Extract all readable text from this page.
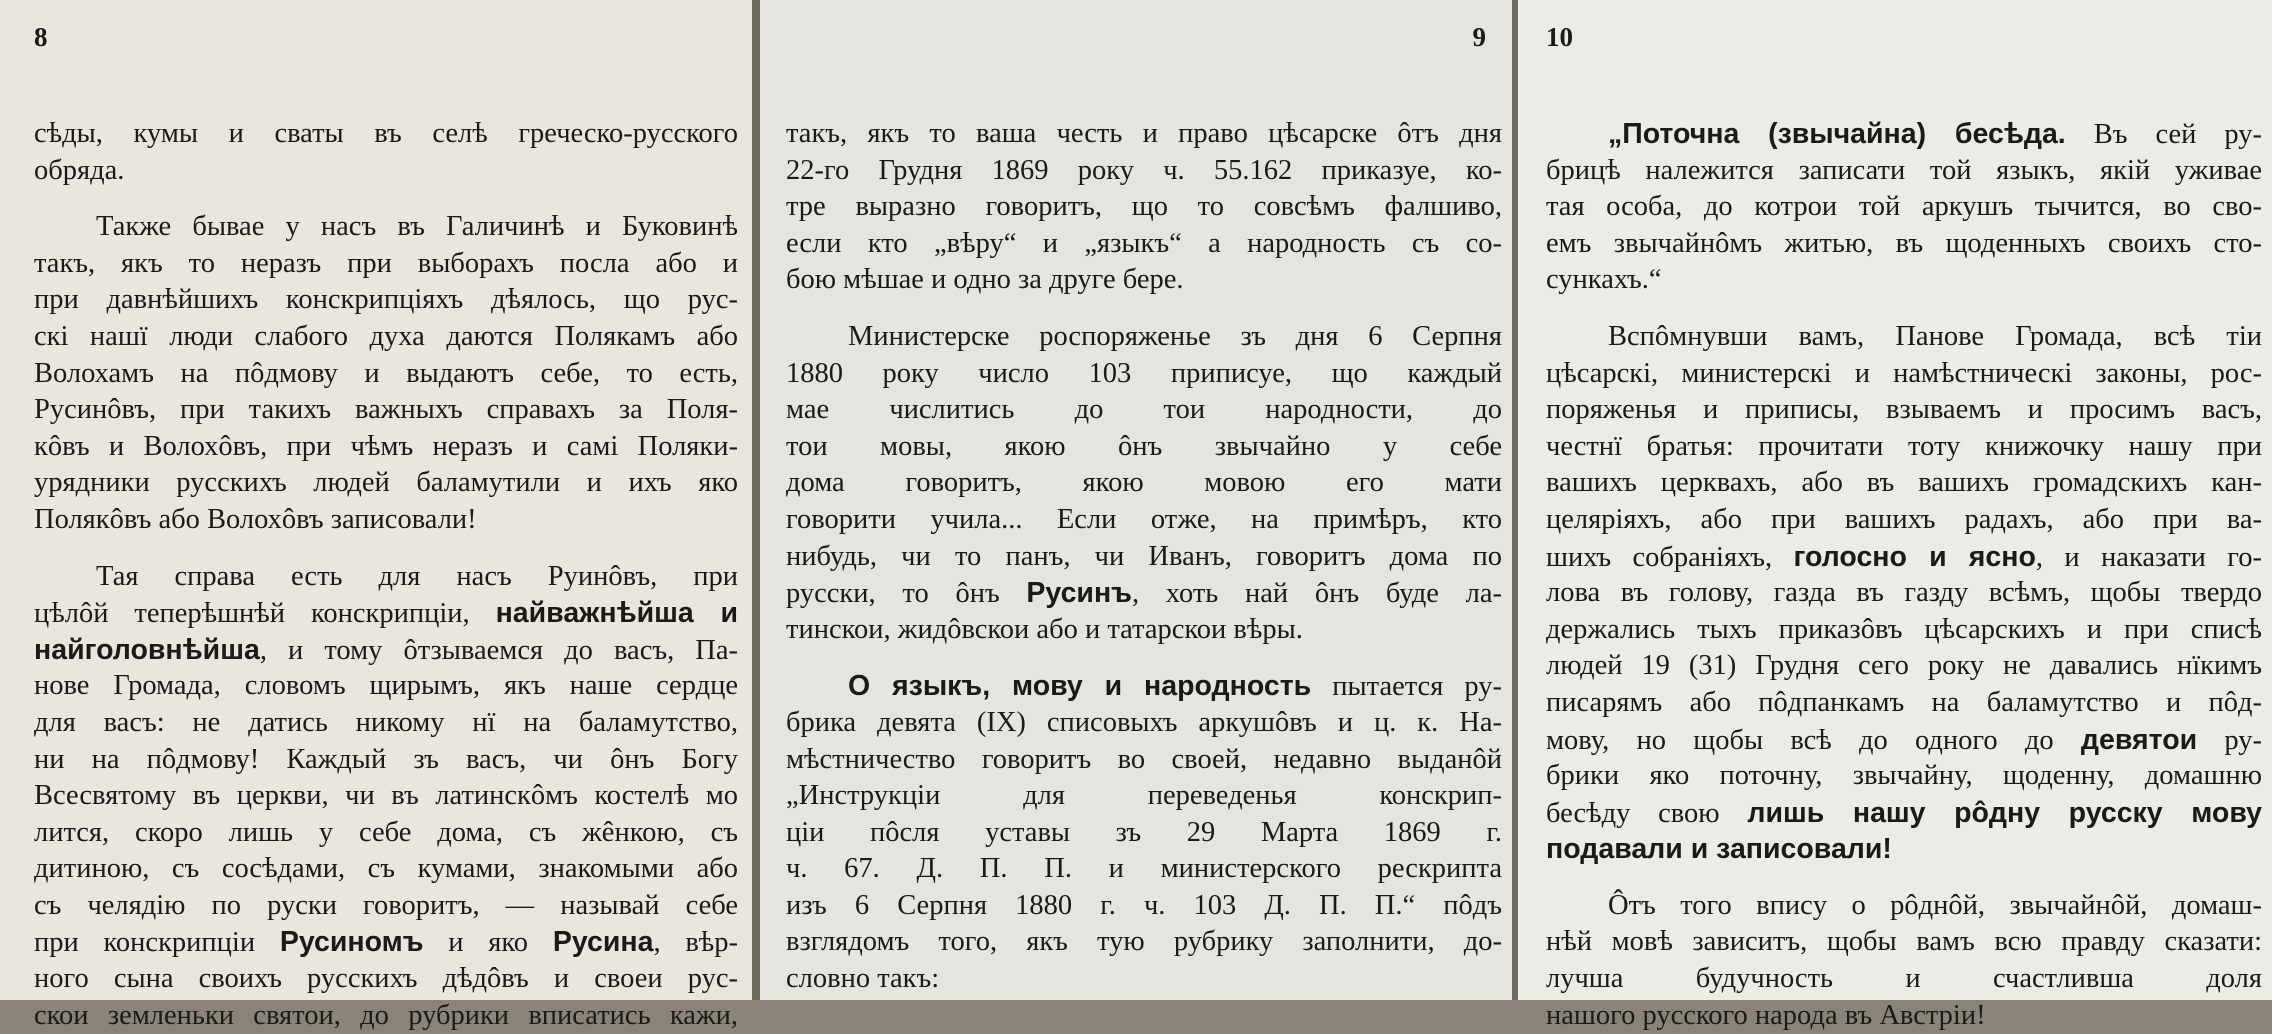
8
сѣды, кумы и сваты въ селѣ греческо-русского
обряда.
Также бываe у насъ въ Галичинѣ и Буковинѣ
такъ, якъ то неразъ при выборахъ посла або и
при давнѣйшихъ конскрипціяхъ дѣялось, що рус-
скі нашї люди слабого духа даются Полякамъ або
Волохамъ на пôдмову и выдаютъ себе, то есть,
Русинôвъ, при такихъ важныхъ справахъ за Поля-
кôвъ и Волохôвъ, при чѣмъ неразъ и самі Поляки-
урядники русскихъ людей баламутили и ихъ яко
Полякôвъ або Волохôвъ записовали!
Тая справа есть для насъ Руинôвъ, при
цѣлôй теперѣшнѣй конскрипціи, найважнѣйша и
найголовнѣйша, и тому ôтзываемся до васъ, Па-
нове Громада, словомъ щирымъ, якъ наше сердце
для васъ: не датись никому нї на баламутство,
ни на пôдмову! Каждый зъ васъ, чи ôнъ Богу
Всесвятому въ церкви, чи въ латинскôмъ костелѣ мо
лится, скоро лишь у себе дома, съ жêнкою, съ
дитиною, съ сосѣдами, съ кумами, знакомыми або
съ челядію по руски говоритъ, — называй себе
при конскрипціи Русиномъ и яко Русина, вѣр-
ного сына своихъ русскихъ дѣдôвъ и своеи рус-
скои земленьки святои, до рубрики вписатись кажи,
9
такъ, якъ то ваша честь и право цѣсарске ôтъ дня
22-го Грудня 1869 року ч. 55.162 приказуе, ко-
тре выразно говоритъ, що то совсѣмъ фалшиво,
если кто „вѣру“ и „языкъ“ а народность съ со-
бою мѣшае и одно за друге бере.
Министерске роспоряженье зъ дня 6 Серпня
1880 року число 103 приписуе, що каждый
мае числитись до тои народности, до
тои мовы, якою ôнъ звычайно у себе
дома говоритъ, якою мовою его мати
говорити учила... Если отже, на примѣръ, кто
нибудь, чи то панъ, чи Иванъ, говоритъ дома по
русски, то ôнъ Русинъ, хоть най ôнъ буде ла-
тинскои, жидôвскои або и татарскои вѣры.
О языкъ, мову и народность пытается ру-
брика девята (IX) списовыхъ аркушôвъ и ц. к. На-
мѣстничество говоритъ во своей, недавно выданôй
„Инструкціи для переведенья конскрип-
ціи пôсля уставы зъ 29 Марта 1869 г.
ч. 67. Д. П. П. и министерского рескрипта
изъ 6 Серпня 1880 г. ч. 103 Д. П. П.“ пôдъ
взглядомъ того, якъ тую рубрику заполнити, до-
словно такъ:
10
„Поточна (звычайна) бесѣда. Въ сей ру-
брицѣ належится записати той языкъ, якій уживае
тая особа, до котрои той аркушъ тычится, во сво-
емъ звычайнôмъ житью, въ щоденныхъ своихъ сто-
сункахъ.“
Вспôмнувши вамъ, Панове Громада, всѣ тіи
цѣсарскі, министерскі и намѣстническі законы, рос-
поряженья и приписы, взываемъ и просимъ васъ,
честнї братья: прочитати тоту книжочку нашу при
вашихъ церквахъ, або въ вашихъ громадскихъ кан-
целяріяхъ, або при вашихъ радахъ, або при ва-
шихъ собраніяхъ, голосно и ясно, и наказати го-
лова въ голову, газда въ газду всѣмъ, щобы твердо
держались тыхъ приказôвъ цѣсарскихъ и при списѣ
людей 19 (31) Грудня сего року не давались нїкимъ
писарямъ або пôдпанкамъ на баламутство и пôд-
мову, но щобы всѣ до одного до девятои ру-
брики яко поточну, звычайну, щоденну, домашню
бесѣду свою лишь нашу рôдну русску мову
подавали и записовали!
Ôтъ того вписy о рôднôй, звычайнôй, домаш-
нѣй мовѣ зависитъ, щобы вамъ всю правду сказати:
лучша будучность и счастливша доля
нашого русского народа въ Австріи!
